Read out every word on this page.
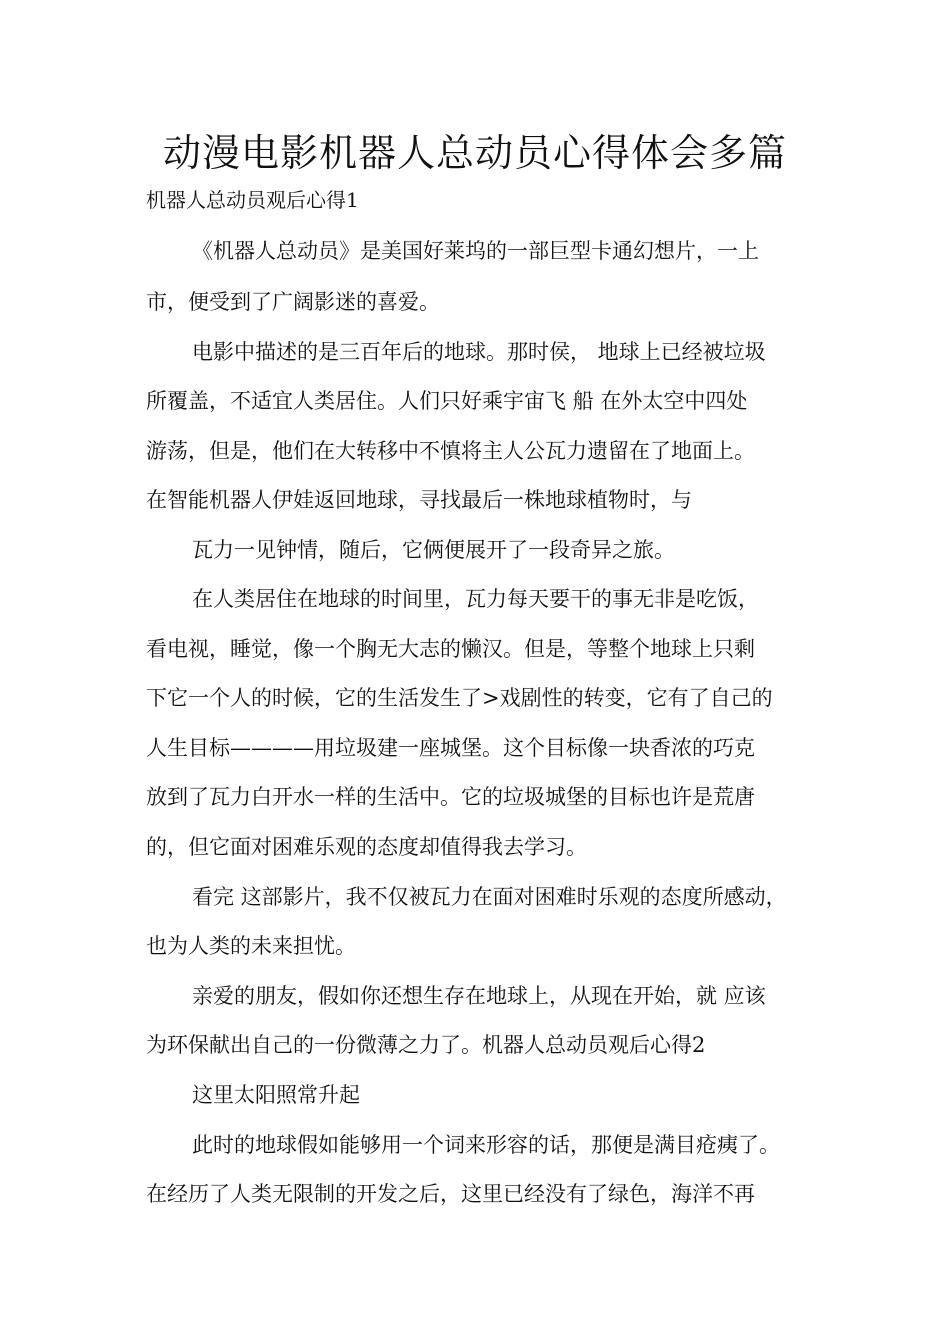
动漫电影机器人总动员心得体会多篇
机器人总动员观后心得1
《机器人总动员》是美国好莱坞的一部巨型卡通幻想片，一上
市，便受到了广阔影迷的喜爱。
电影中描述的是三百年后的地球。那时侯， 地球上已经被垃圾
所覆盖，不适宜人类居住。人们只好乘宇宙飞 船 在外太空中四处
游荡，但是，他们在大转移中不慎将主人公瓦力遗留在了地面上。
在智能机器人伊娃返回地球，寻找最后一株地球植物时，与
瓦力一见钟情，随后，它俩便展开了一段奇异之旅。
在人类居住在地球的时间里，瓦力每天要干的事无非是吃饭，
看电视，睡觉，像一个胸无大志的懒汉。但是，等整个地球上只剩
下它一个人的时候，它的生活发生了>戏剧性的转变，它有了自己的
人生目标————用垃圾建一座城堡。这个目标像一块香浓的巧克
放到了瓦力白开水一样的生活中。它的垃圾城堡的目标也许是荒唐
的，但它面对困难乐观的态度却值得我去学习。
看完 这部影片，我不仅被瓦力在面对困难时乐观的态度所感动，
也为人类的未来担忧。
亲爱的朋友，假如你还想生存在地球上，从现在开始，就 应该
为环保献出自己的一份微薄之力了。机器人总动员观后心得2
这里太阳照常升起
此时的地球假如能够用一个词来形容的话，那便是满目疮痍了。
在经历了人类无限制的开发之后，这里已经没有了绿色，海洋不再
